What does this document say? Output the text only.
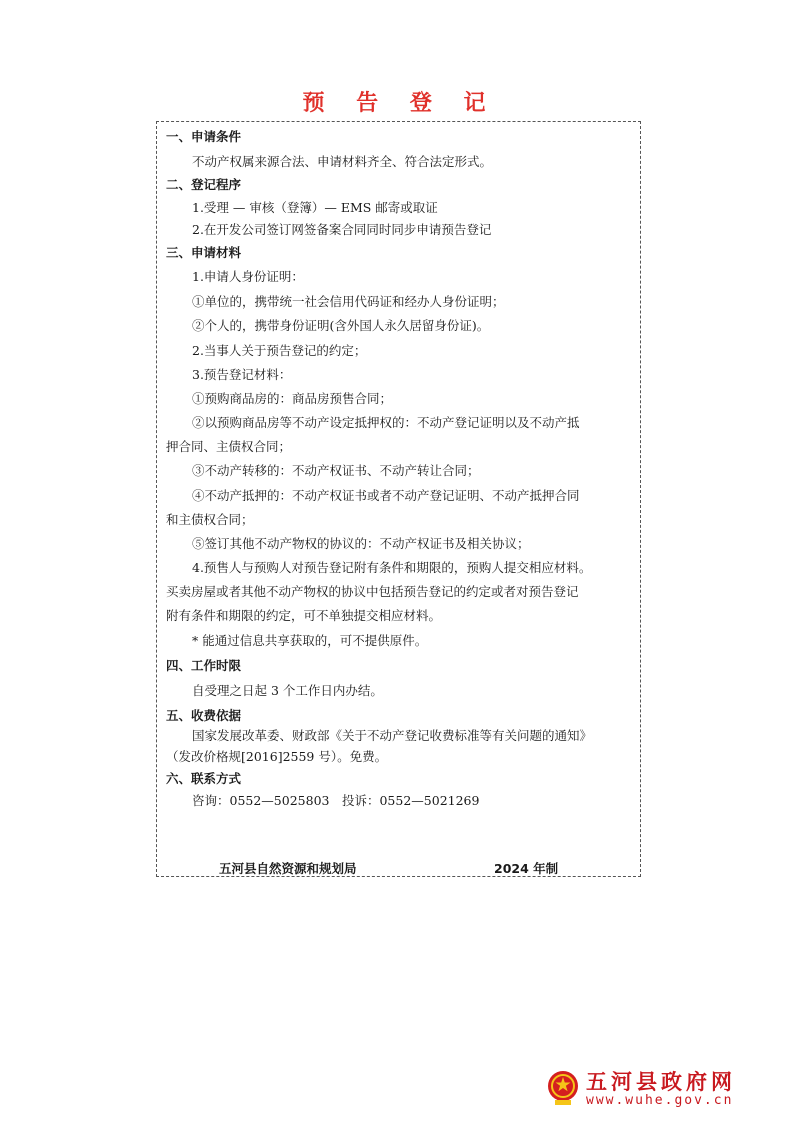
预 告 登 记
一、申请条件
不动产权属来源合法、申请材料齐全、符合法定形式。
二、登记程序
1.受理 — 审核（登簿）— EMS 邮寄或取证
2.在开发公司签订网签备案合同同时同步申请预告登记
三、申请材料
1.申请人身份证明：
①单位的，携带统一社会信用代码证和经办人身份证明；
②个人的，携带身份证明(含外国人永久居留身份证)。
2.当事人关于预告登记的约定；
3.预告登记材料：
①预购商品房的：商品房预售合同；
②以预购商品房等不动产设定抵押权的：不动产登记证明以及不动产抵
押合同、主债权合同；
③不动产转移的：不动产权证书、不动产转让合同；
④不动产抵押的：不动产权证书或者不动产登记证明、不动产抵押合同
和主债权合同；
⑤签订其他不动产物权的协议的：不动产权证书及相关协议；
4.预售人与预购人对预告登记附有条件和期限的，预购人提交相应材料。
买卖房屋或者其他不动产物权的协议中包括预告登记的约定或者对预告登记
附有条件和期限的约定，可不单独提交相应材料。
* 能通过信息共享获取的，可不提供原件。
四、工作时限
自受理之日起 3 个工作日内办结。
五、收费依据
国家发展改革委、财政部《关于不动产登记收费标准等有关问题的通知》
（发改价格规[2016]2559 号）。免费。
六、联系方式
咨询：0552—5025803　投诉：0552—5021269
五河县自然资源和规划局	2024 年制
五河县政府网
www.wuhe.gov.cn
